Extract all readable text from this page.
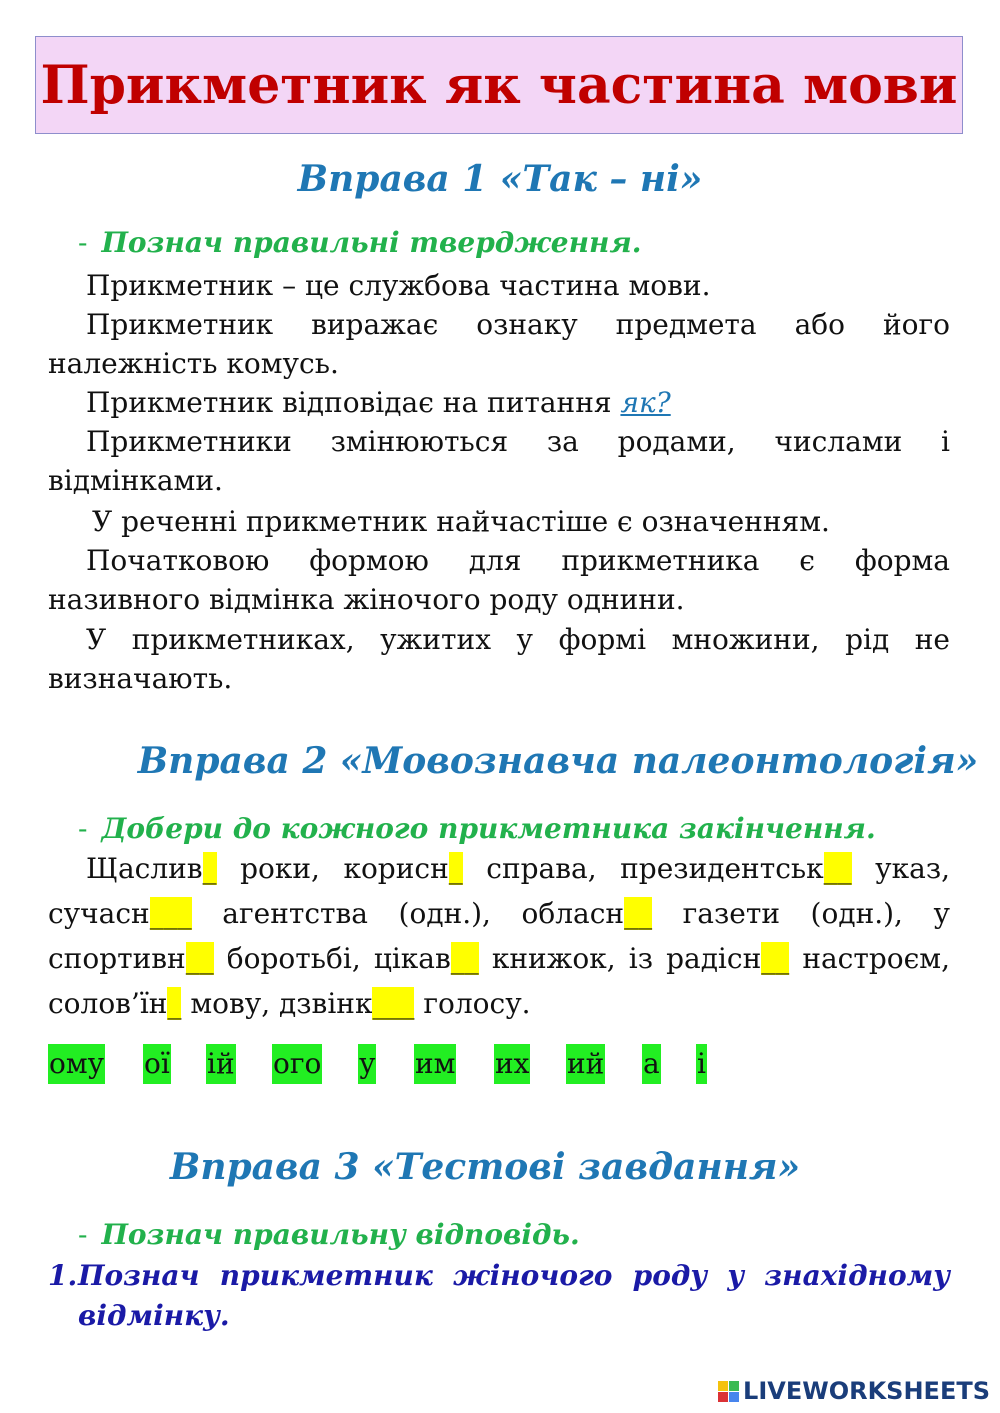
Прикметник як частина мови
Вправа 1 «Так – ні»
- Познач правильні твердження.
Прикметник – це службова частина мови.
Прикметник виражає ознаку предмета або його належність комусь.
Прикметник відповідає на питання як?
Прикметники змінюються за родами, числами і відмінками.
У реченні прикметник найчастіше є означенням.
Початковою формою для прикметника є форма називного відмінка жіночого роду однини.
У прикметниках, ужитих у формі множини, рід не визначають.
Вправа 2 «Мовознавча палеонтологія»
- Добери до кожного прикметника закінчення.
Щаслив_ роки, корисн_ справа, президентськ__ указ, сучасн___ агентства (одн.), обласн__ газети (одн.), у спортивн__ боротьбі, цікав__ книжок, із радісн__ настроєм, солов’їн_ мову, дзвінк___ голосу.
ому ої ій ого у им их ий а і
Вправа 3 «Тестові завдання»
- Познач правильну відповідь.
1. Познач прикметник жіночого роду у знахідному відмінку.
LIVEWORKSHEETS
